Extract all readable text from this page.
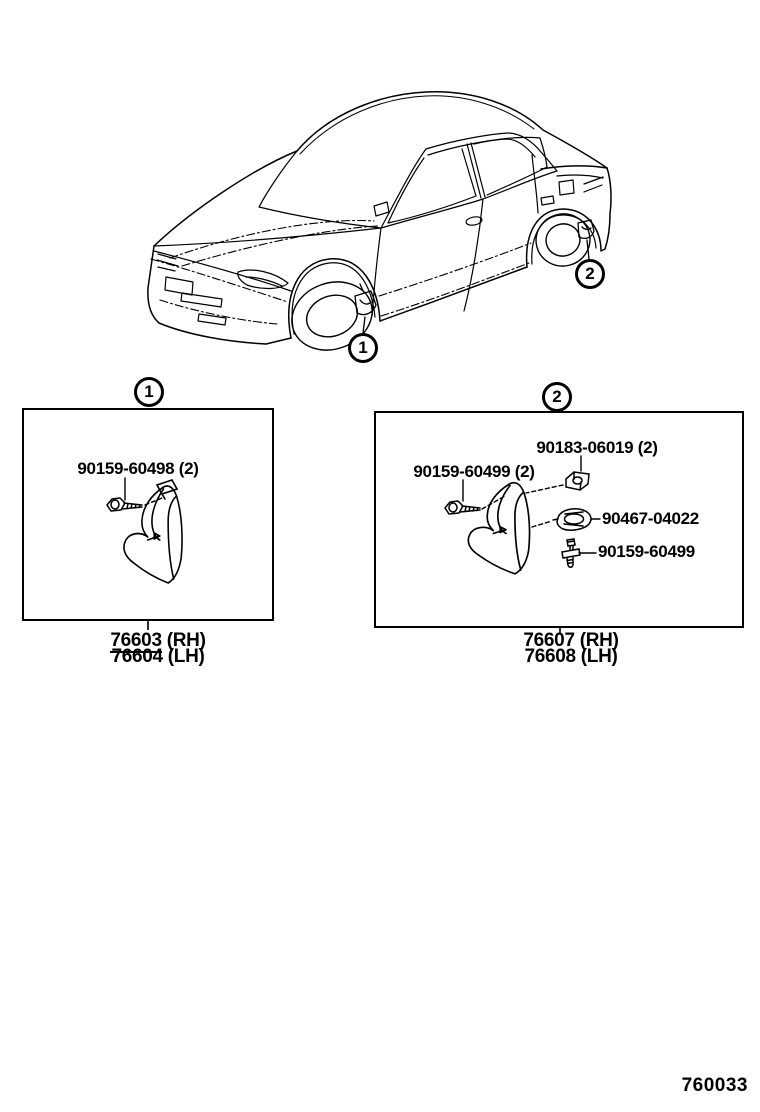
1
2
1	2
90159-60498 (2)
76603 (RH)
76604 (LH)
90183-06019 (2)
90159-60499 (2)
90467-04022
90159-60499
76607 (RH)
76608 (LH)
760033
